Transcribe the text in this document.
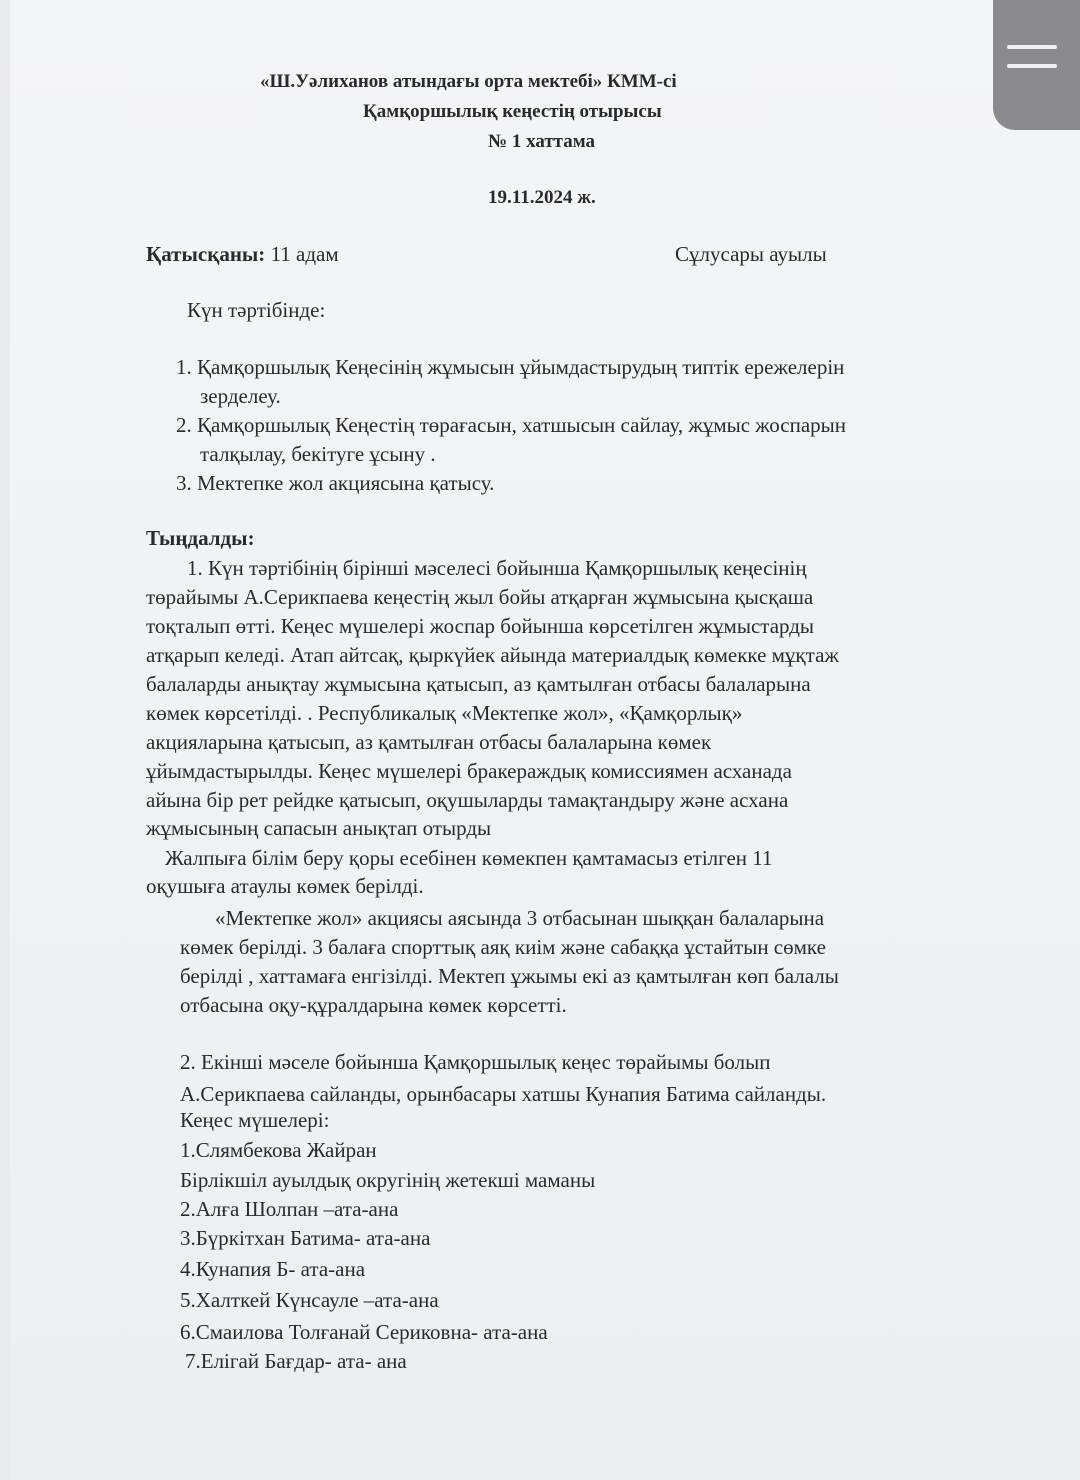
«Ш.Уәлиханов атындағы орта мектебі» КММ-сі
Қамқоршылық кеңестің отырысы
№ 1 хаттама
19.11.2024 ж.
Қатысқаны: 11 адам	Сұлусары ауылы
Күн тәртібінде:
1. Қамқоршылық Кеңесінің жұмысын ұйымдастырудың типтік ережелерін
зерделеу.
2. Қамқоршылық Кеңестің төрағасын, хатшысын сайлау, жұмыс жоспарын
талқылау, бекітуге ұсыну .
3. Мектепке жол акциясына қатысу.
Тыңдалды:
1. Күн тәртібінің бірінші мәселесі бойынша Қамқоршылық кеңесінің
төрайымы А.Серикпаева кеңестің жыл бойы атқарған жұмысына қысқаша
тоқталып өтті. Кеңес мүшелері жоспар бойынша көрсетілген жұмыстарды
атқарып келеді. Атап айтсақ, қыркүйек айында материалдық көмекке мұқтаж
балаларды анықтау жұмысына қатысып, аз қамтылған отбасы балаларына
көмек көрсетілді. . Республикалық «Мектепке жол», «Қамқорлық»
акцияларына қатысып, аз қамтылған отбасы балаларына көмек
ұйымдастырылды. Кеңес мүшелері бракераждық комиссиямен асханада
айына бір рет рейдке қатысып, оқушыларды тамақтандыру және асхана
жұмысының сапасын анықтап отырды
Жалпыға білім беру қоры есебінен көмекпен қамтамасыз етілген 11
оқушыға атаулы көмек берілді.
«Мектепке жол» акциясы аясында 3 отбасынан шыққан балаларына
көмек берілді. 3 балаға спорттық аяқ киім және сабаққа ұстайтын сөмке
берілді , хаттамаға енгізілді. Мектеп ұжымы екі аз қамтылған көп балалы
отбасына оқу-құралдарына көмек көрсетті.
2. Екінші мәселе бойынша Қамқоршылық кеңес төрайымы болып
А.Серикпаева сайланды, орынбасары хатшы Кунапия Батима сайланды.
Кеңес мүшелері:
1.Слямбекова Жайран
Бірлікшіл ауылдық округінің жетекші маманы
2.Алға Шолпан –ата-ана
3.Бүркітхан Батима- ата-ана
4.Кунапия Б- ата-ана
5.Халткей Күнсауле –ата-ана
6.Смаилова Толғанай Сериковна- ата-ана
7.Елігай Бағдар- ата- ана
